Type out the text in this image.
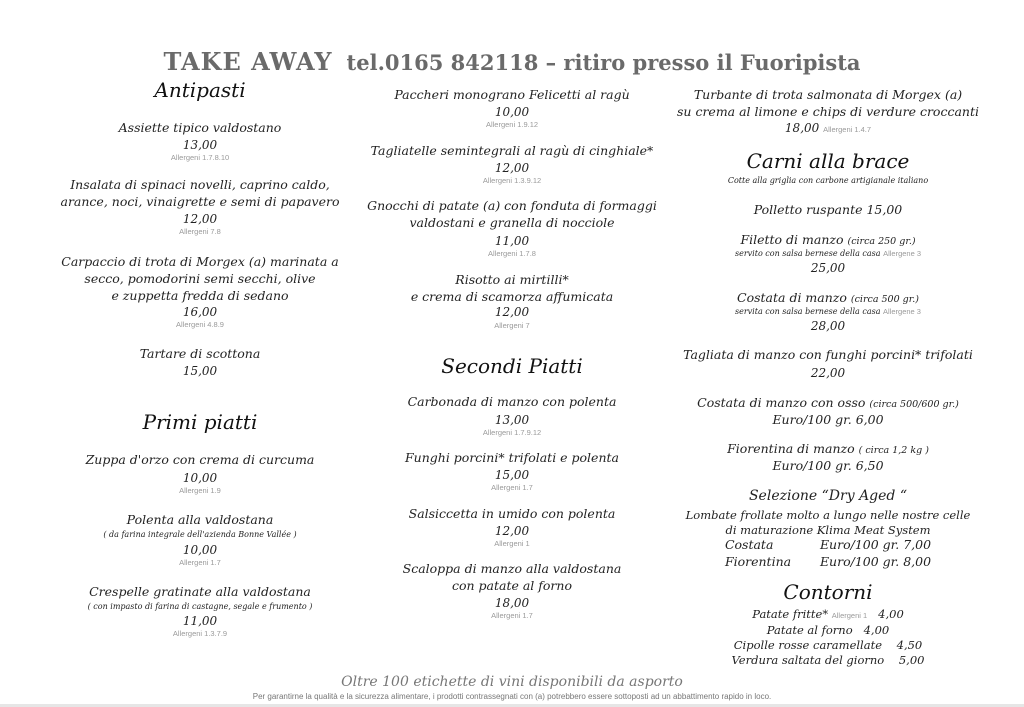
TAKE AWAY tel.0165 842118 – ritiro presso il Fuoripista
Antipasti
Assiette tipico valdostano
13,00
Allergeni 1.7.8.10
Insalata di spinaci novelli, caprino caldo,
arance, noci, vinaigrette e semi di papavero
12,00
Allergeni 7.8
Carpaccio di trota di Morgex (a) marinata a
secco, pomodorini semi secchi, olive
e zuppetta fredda di sedano
16,00
Allergeni 4.8.9
Tartare di scottona
15,00
Primi piatti
Zuppa d'orzo con crema di curcuma
10,00
Allergeni 1.9
Polenta alla valdostana
( da farina integrale dell'azienda Bonne Vallée )
10,00
Allergeni 1.7
Crespelle gratinate alla valdostana
( con impasto di farina di castagne, segale e frumento )
11,00
Allergeni 1.3.7.9
Paccheri monograno Felicetti al ragù
10,00
Allergeni 1.9.12
Tagliatelle semintegrali al ragù di cinghiale*
12,00
Allergeni 1.3.9.12
Gnocchi di patate (a) con fonduta di formaggi
valdostani e granella di nocciole
11,00
Allergeni 1.7.8
Risotto ai mirtilli*
e crema di scamorza affumicata
12,00
Allergeni 7
Secondi Piatti
Carbonada di manzo con polenta
13,00
Allergeni 1.7.9.12
Funghi porcini* trifolati e polenta
15,00
Allergeni 1.7
Salsiccetta in umido con polenta
12,00
Allergeni 1
Scaloppa di manzo alla valdostana
con patate al forno
18,00
Allergeni 1.7
Turbante di trota salmonata di Morgex (a)
su crema al limone e chips di verdure croccanti
18,00 Allergeni 1.4.7
Carni alla brace
Cotte alla griglia con carbone artigianale italiano
Polletto ruspante 15,00
Filetto di manzo (circa 250 gr.)
servito con salsa bernese della casa Allergene 3
25,00
Costata di manzo (circa 500 gr.)
servita con salsa bernese della casa Allergene 3
28,00
Tagliata di manzo con funghi porcini* trifolati
22,00
Costata di manzo con osso (circa 500/600 gr.)
Euro/100 gr. 6,00
Fiorentina di manzo ( circa 1,2 kg )
Euro/100 gr. 6,50
Selezione “Dry Aged “
Lombate frollate molto a lungo nelle nostre celle
di maturazione Klima Meat System
Costata	Euro/100 gr. 7,00
Fiorentina Euro/100 gr. 8,00
Contorni
Patate fritte* Allergeni 1 4,00
Patate al forno 4,00
Cipolle rosse caramellate 4,50
Verdura saltata del giorno 5,00
Oltre 100 etichette di vini disponibili da asporto
Per garantirne la qualità e la sicurezza alimentare, i prodotti contrassegnati con (a) potrebbero essere sottoposti ad un abbattimento rapido in loco.
